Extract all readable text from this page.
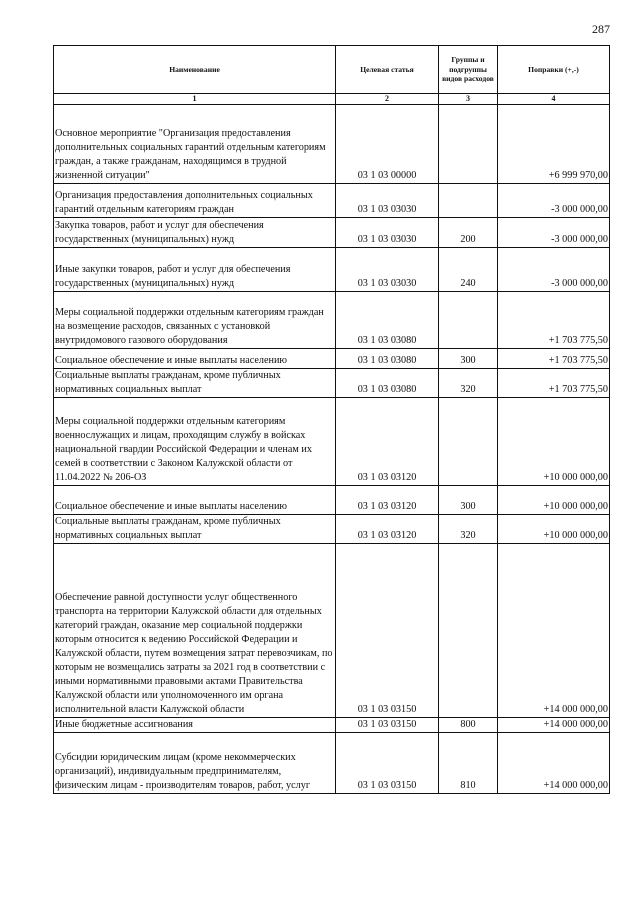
287
Наименование	Целевая статья	Группы и подгруппы видов расходов	Поправки (+,-)
1	2	3	4
Основное мероприятие "Организация предоставления дополнительных социальных гарантий отдельным категориям граждан, а также гражданам, находящимся в трудной жизненной ситуации"	03 1 03 00000		+6 999 970,00
Организация предоставления дополнительных социальных гарантий отдельным категориям граждан	03 1 03 03030		-3 000 000,00
Закупка товаров, работ и услуг для обеспечения государственных (муниципальных) нужд	03 1 03 03030	200	-3 000 000,00
Иные закупки товаров, работ и услуг для обеспечения государственных (муниципальных) нужд	03 1 03 03030	240	-3 000 000,00
Меры социальной поддержки отдельным категориям граждан на возмещение расходов, связанных с установкой внутридомового газового оборудования	03 1 03 03080		+1 703 775,50
Социальное обеспечение и иные выплаты населению	03 1 03 03080	300	+1 703 775,50
Социальные выплаты гражданам, кроме публичных нормативных социальных выплат	03 1 03 03080	320	+1 703 775,50
Меры социальной поддержки отдельным категориям военнослужащих и лицам, проходящим службу в войсках национальной гвардии Российской Федерации и членам их семей в соответствии с Законом Калужской области от 11.04.2022 № 206-ОЗ	03 1 03 03120		+10 000 000,00
Социальное обеспечение и иные выплаты населению	03 1 03 03120	300	+10 000 000,00
Социальные выплаты гражданам, кроме публичных нормативных социальных выплат	03 1 03 03120	320	+10 000 000,00
Обеспечение равной доступности услуг общественного транспорта на территории Калужской области для отдельных категорий граждан, оказание мер социальной поддержки которым относится к ведению Российской Федерации и Калужской области, путем возмещения затрат перевозчикам, по которым не возмещались затраты за 2021 год в соответствии с иными нормативными правовыми актами Правительства Калужской области или уполномоченного им органа исполнительной власти Калужской области	03 1 03 03150		+14 000 000,00
Иные бюджетные ассигнования	03 1 03 03150	800	+14 000 000,00
Субсидии юридическим лицам (кроме некоммерческих организаций), индивидуальным предпринимателям, физическим лицам - производителям товаров, работ, услуг	03 1 03 03150	810	+14 000 000,00
